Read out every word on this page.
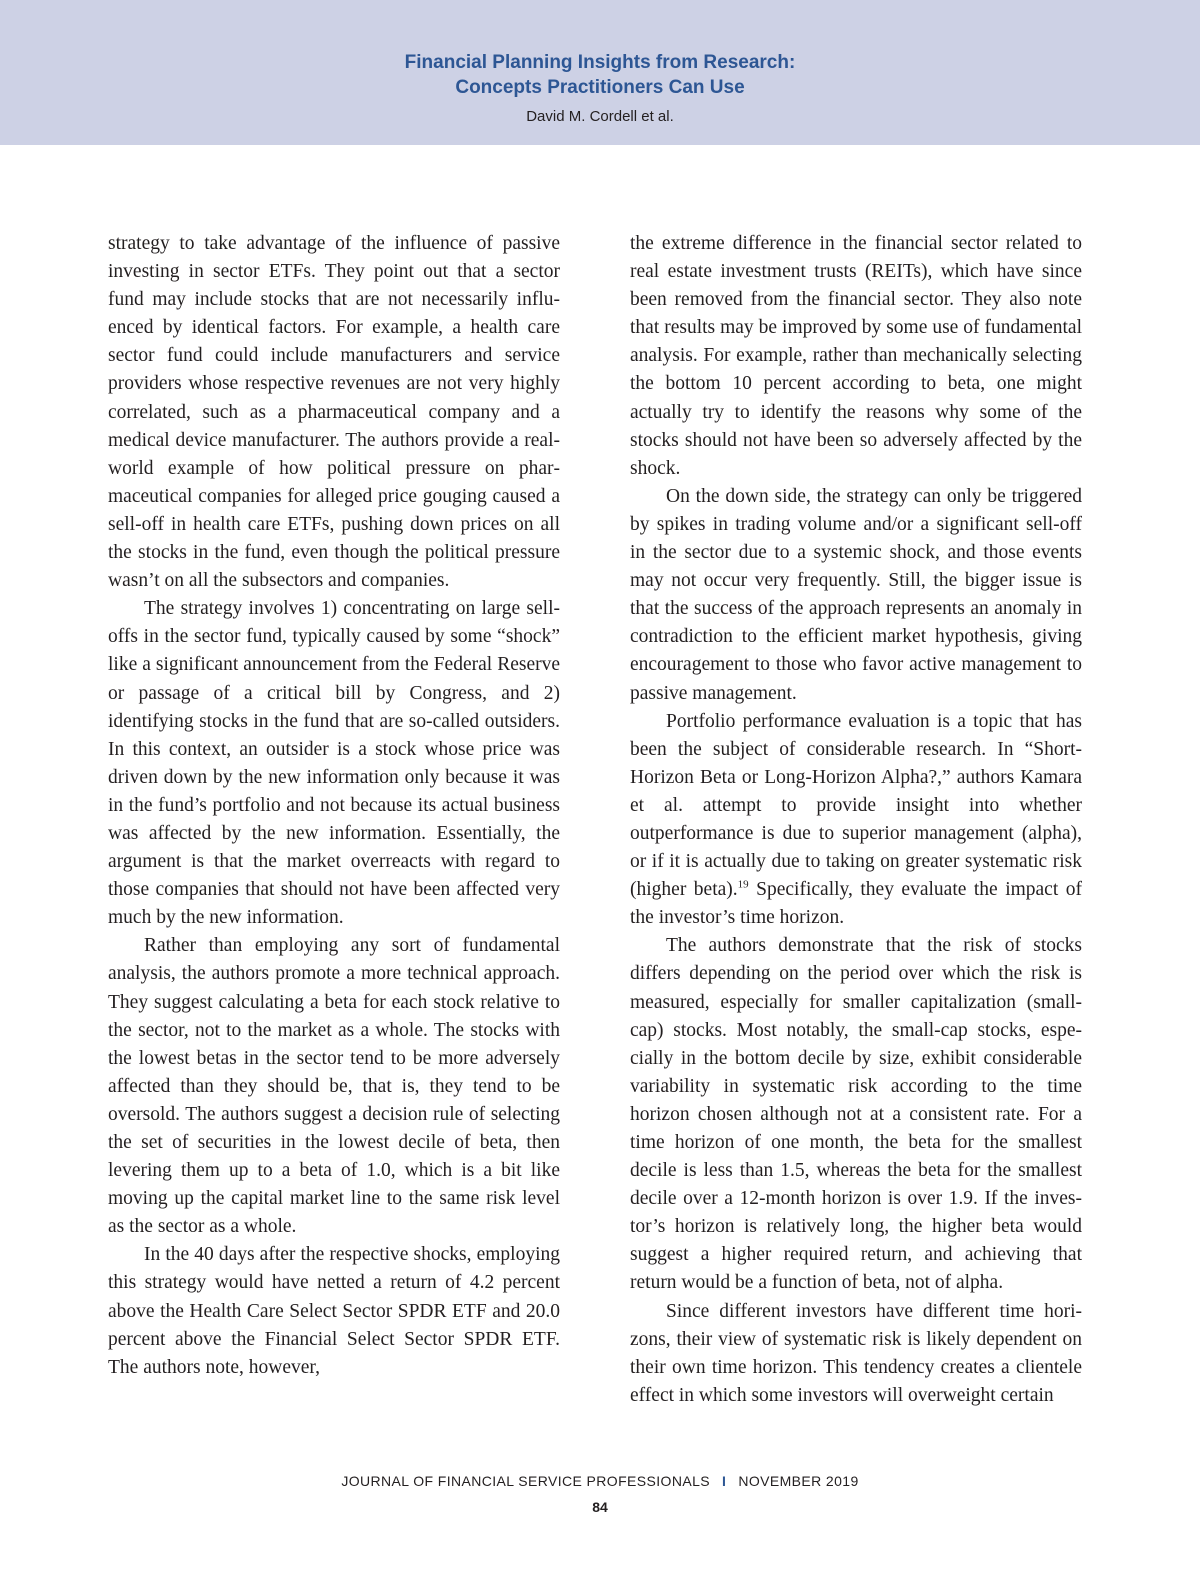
Financial Planning Insights from Research:
Concepts Practitioners Can Use
David M. Cordell et al.

strategy to take advantage of the influence of passive investing in sector ETFs. They point out that a sector fund may include stocks that are not necessarily influenced by identical factors. For example, a health care sector fund could include manufacturers and service providers whose respective revenues are not very highly correlated, such as a pharmaceutical company and a medical device manufacturer. The authors provide a real-world example of how political pressure on pharmaceutical companies for alleged price gouging caused a sell-off in health care ETFs, pushing down prices on all the stocks in the fund, even though the political pressure wasn’t on all the subsectors and companies.

The strategy involves 1) concentrating on large sell-offs in the sector fund, typically caused by some “shock” like a significant announcement from the Federal Reserve or passage of a critical bill by Congress, and 2) identifying stocks in the fund that are so-called outsiders. In this context, an outsider is a stock whose price was driven down by the new information only because it was in the fund’s portfolio and not because its actual business was affected by the new information. Essentially, the argument is that the market overreacts with regard to those companies that should not have been affected very much by the new information.

Rather than employing any sort of fundamental analysis, the authors promote a more technical approach. They suggest calculating a beta for each stock relative to the sector, not to the market as a whole. The stocks with the lowest betas in the sector tend to be more adversely affected than they should be, that is, they tend to be oversold. The authors suggest a decision rule of selecting the set of securities in the lowest decile of beta, then levering them up to a beta of 1.0, which is a bit like moving up the capital market line to the same risk level as the sector as a whole.

In the 40 days after the respective shocks, employing this strategy would have netted a return of 4.2 percent above the Health Care Select Sector SPDR ETF and 20.0 percent above the Financial Select Sector SPDR ETF. The authors note, however,

the extreme difference in the financial sector related to real estate investment trusts (REITs), which have since been removed from the financial sector. They also note that results may be improved by some use of fundamental analysis. For example, rather than mechanically selecting the bottom 10 percent according to beta, one might actually try to identify the reasons why some of the stocks should not have been so adversely affected by the shock.

On the down side, the strategy can only be triggered by spikes in trading volume and/or a significant sell-off in the sector due to a systemic shock, and those events may not occur very frequently. Still, the bigger issue is that the success of the approach represents an anomaly in contradiction to the efficient market hypothesis, giving encouragement to those who favor active management to passive management.

Portfolio performance evaluation is a topic that has been the subject of considerable research. In “Short-Horizon Beta or Long-Horizon Alpha?,” authors Kamara et al. attempt to provide insight into whether outperformance is due to superior management (alpha), or if it is actually due to taking on greater systematic risk (higher beta).$^{19}$ Specifically, they evaluate the impact of the investor’s time horizon.

The authors demonstrate that the risk of stocks differs depending on the period over which the risk is measured, especially for smaller capitalization (small-cap) stocks. Most notably, the small-cap stocks, especially in the bottom decile by size, exhibit considerable variability in systematic risk according to the time horizon chosen although not at a consistent rate. For a time horizon of one month, the beta for the smallest decile is less than 1.5, whereas the beta for the smallest decile over a 12-month horizon is over 1.9. If the investor’s horizon is relatively long, the higher beta would suggest a higher required return, and achieving that return would be a function of beta, not of alpha.

Since different investors have different time horizons, their view of systematic risk is likely dependent on their own time horizon. This tendency creates a clientele effect in which some investors will overweight certain

JOURNAL OF FINANCIAL SERVICE PROFESSIONALS I NOVEMBER 2019
84
